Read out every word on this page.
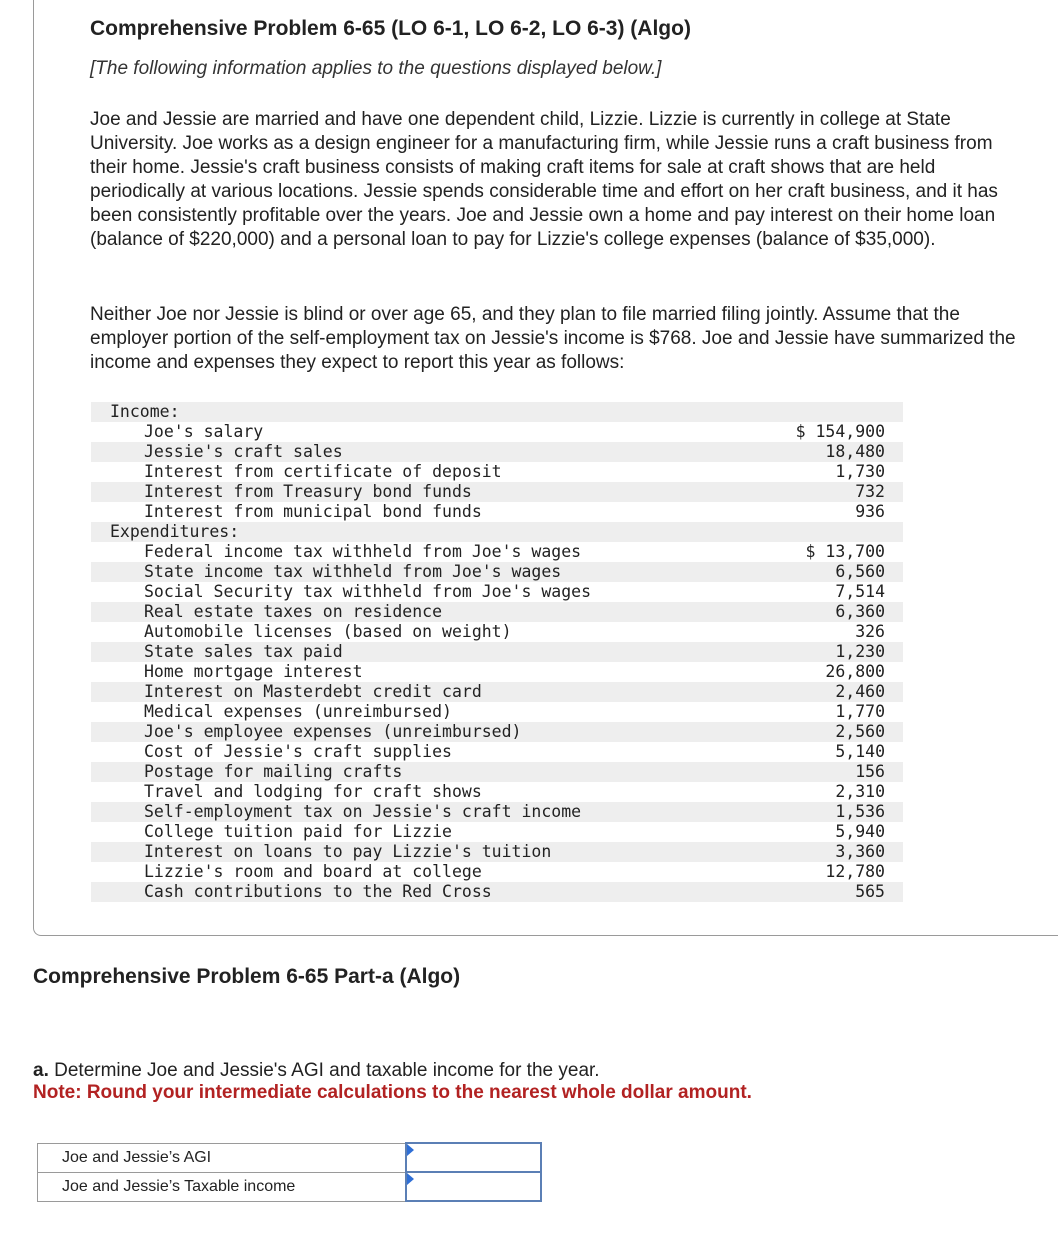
Comprehensive Problem 6-65 (LO 6-1, LO 6-2, LO 6-3) (Algo)

[The following information applies to the questions displayed below.]

Joe and Jessie are married and have one dependent child, Lizzie. Lizzie is currently in college at State University. Joe works as a design engineer for a manufacturing firm, while Jessie runs a craft business from their home. Jessie's craft business consists of making craft items for sale at craft shows that are held periodically at various locations. Jessie spends considerable time and effort on her craft business, and it has been consistently profitable over the years. Joe and Jessie own a home and pay interest on their home loan (balance of $220,000) and a personal loan to pay for Lizzie's college expenses (balance of $35,000).

Neither Joe nor Jessie is blind or over age 65, and they plan to file married filing jointly. Assume that the employer portion of the self-employment tax on Jessie's income is $768. Joe and Jessie have summarized the income and expenses they expect to report this year as follows:

Income:

Joe's salary

	$ 154,900

Jessie's craft sales

	18,480

Interest from certificate of deposit

	1,730

Interest from Treasury bond funds

	732

Interest from municipal bond funds

	936

Expenditures:

Federal income tax withheld from Joe's wages

	$ 13,700

State income tax withheld from Joe's wages

	6,560

Social Security tax withheld from Joe's wages

	7,514

Real estate taxes on residence

	6,360

Automobile licenses (based on weight)

	326

State sales tax paid

	1,230

Home mortgage interest

	26,800

Interest on Masterdebt credit card

	2,460

Medical expenses (unreimbursed)

	1,770

Joe's employee expenses (unreimbursed)

	2,560

Cost of Jessie's craft supplies

	5,140

Postage for mailing crafts

	156

Travel and lodging for craft shows

	2,310

Self-employment tax on Jessie's craft income

	1,536

College tuition paid for Lizzie

	5,940

Interest on loans to pay Lizzie's tuition

	3,360

Lizzie's room and board at college

	12,780

Cash contributions to the Red Cross

	565

Comprehensive Problem 6-65 Part-a (Algo)

a. Determine Joe and Jessie's AGI and taxable income for the year.

Note: Round your intermediate calculations to the nearest whole dollar amount.

Joe and Jessie’s AGI	
Joe and Jessie’s Taxable income	
